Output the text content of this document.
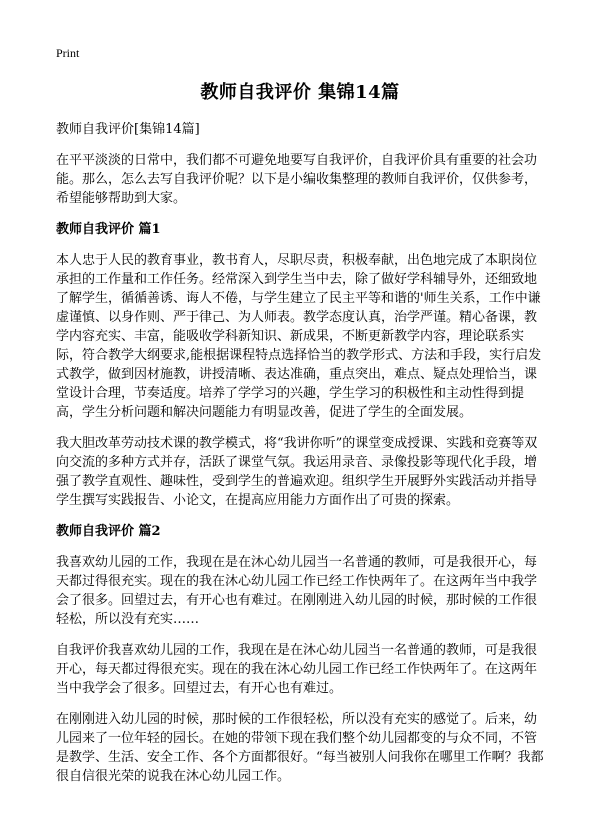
Print
教师自我评价 集锦14篇

教师自我评价[集锦14篇]

在平平淡淡的日常中，我们都不可避免地要写自我评价，自我评价具有重要的社会功能。那么，怎么去写自我评价呢？以下是小编收集整理的教师自我评价，仅供参考，希望能够帮助到大家。

教师自我评价 篇1

本人忠于人民的教育事业，教书育人，尽职尽责，积极奉献，出色地完成了本职岗位承担的工作量和工作任务。经常深入到学生当中去，除了做好学科辅导外，还细致地了解学生，循循善诱、诲人不倦，与学生建立了民主平等和谐的'师生关系，工作中谦虚谨慎、以身作则、严于律己、为人师表。教学态度认真，治学严谨。精心备课，教学内容充实、丰富，能吸收学科新知识、新成果，不断更新教学内容，理论联系实际，符合教学大纲要求,能根据课程特点选择恰当的教学形式、方法和手段，实行启发式教学，做到因材施教，讲授清晰、表达准确，重点突出，难点、疑点处理恰当，课堂设计合理，节奏适度。培养了学学习的兴趣，学生学习的积极性和主动性得到提高，学生分析问题和解决问题能力有明显改善，促进了学生的全面发展。

我大胆改革劳动技术课的教学模式，将“我讲你听”的课堂变成授课、实践和竞赛等双向交流的多种方式并存，活跃了课堂气氛。我运用录音、录像投影等现代化手段，增强了教学直观性、趣味性，受到学生的普遍欢迎。组织学生开展野外实践活动并指导学生撰写实践报告、小论文，在提高应用能力方面作出了可贵的探索。

教师自我评价 篇2

我喜欢幼儿园的工作，我现在是在沐心幼儿园当一名普通的教师，可是我很开心，每天都过得很充实。现在的我在沐心幼儿园工作已经工作快两年了。在这两年当中我学会了很多。回望过去，有开心也有难过。在刚刚进入幼儿园的时候，那时候的工作很轻松，所以没有充实……

自我评价我喜欢幼儿园的工作，我现在是在沐心幼儿园当一名普通的教师，可是我很开心，每天都过得很充实。现在的我在沐心幼儿园工作已经工作快两年了。在这两年当中我学会了很多。回望过去，有开心也有难过。

在刚刚进入幼儿园的时候，那时候的工作很轻松，所以没有充实的感觉了。后来，幼儿园来了一位年轻的园长。在她的带领下现在我们整个幼儿园都变的与众不同，不管是教学、生活、安全工作、各个方面都很好。“每当被别人问我你在哪里工作啊？我都很自信很光荣的说我在沐心幼儿园工作。
